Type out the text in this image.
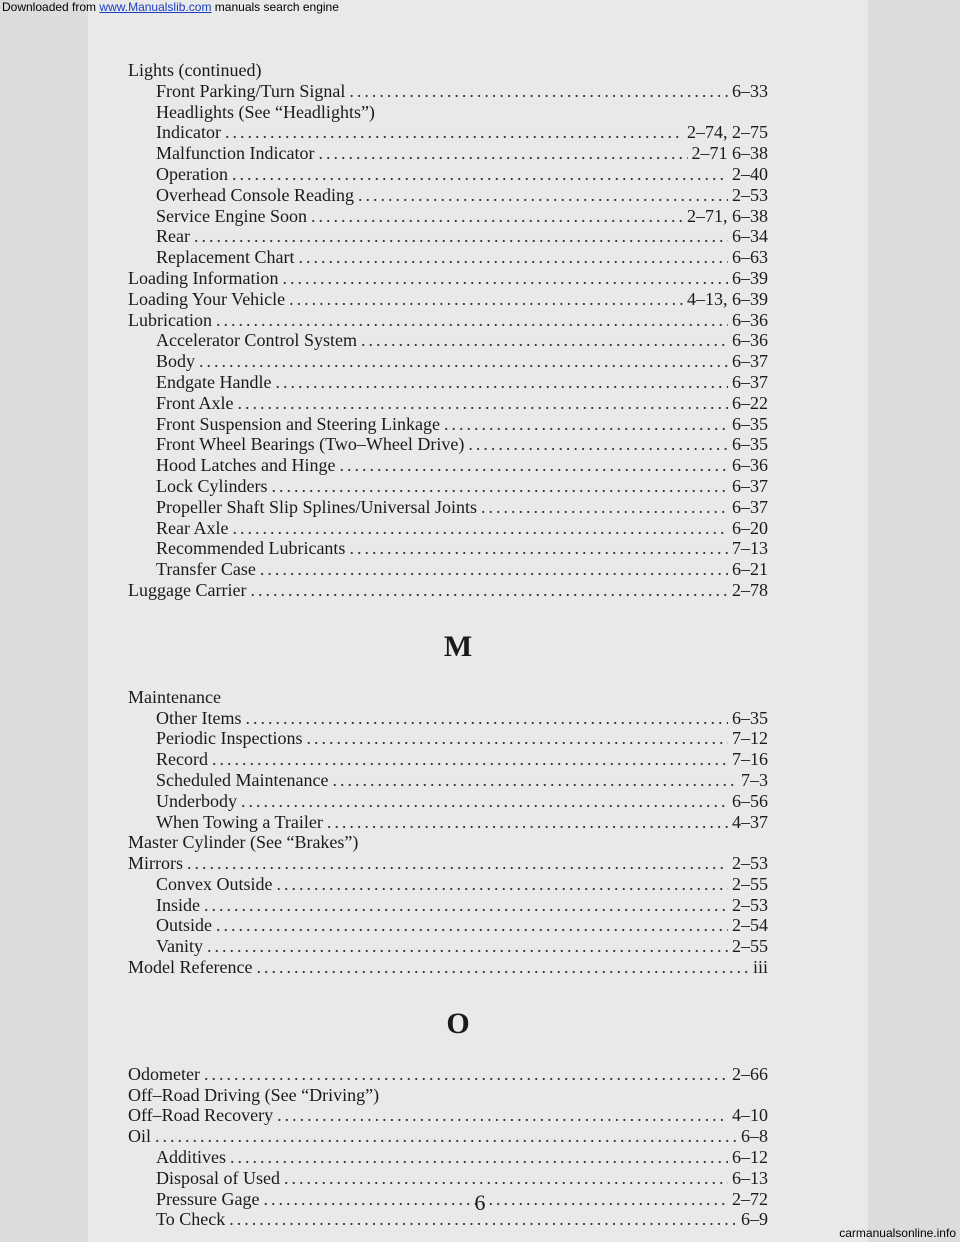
Downloaded from www.Manualslib.com manuals search engine
Lights (continued)
Front Parking/Turn Signal .....	6–33
Headlights (See “Headlights”)
Indicator .....	2–74, 2–75
Malfunction Indicator .....	2–71 6–38
Operation .....	2–40
Overhead Console Reading .....	2–53
Service Engine Soon .....	2–71, 6–38
Rear .....	6–34
Replacement Chart .....	6–63
Loading Information .....	6–39
Loading Your Vehicle .....	4–13, 6–39
Lubrication .....	6–36
Accelerator Control System .....	6–36
Body .....	6–37
Endgate Handle .....	6–37
Front Axle .....	6–22
Front Suspension and Steering Linkage .....	6–35
Front Wheel Bearings (Two–Wheel Drive) .....	6–35
Hood Latches and Hinge .....	6–36
Lock Cylinders .....	6–37
Propeller Shaft Slip Splines/Universal Joints .....	6–37
Rear Axle .....	6–20
Recommended Lubricants .....	7–13
Transfer Case .....	6–21
Luggage Carrier .....	2–78
M
Maintenance
Other Items .....	6–35
Periodic Inspections .....	7–12
Record .....	7–16
Scheduled Maintenance .....	7–3
Underbody .....	6–56
When Towing a Trailer .....	4–37
Master Cylinder (See “Brakes”)
Mirrors .....	2–53
Convex Outside .....	2–55
Inside .....	2–53
Outside .....	2–54
Vanity .....	2–55
Model Reference .....	iii
O
Odometer .....	2–66
Off–Road Driving (See “Driving”)
Off–Road Recovery .....	4–10
Oil .....	6–8
Additives .....	6–12
Disposal of Used .....	6–13
Pressure Gage .....	2–72
To Check .....	6–9
6
carmanualsonline.info
